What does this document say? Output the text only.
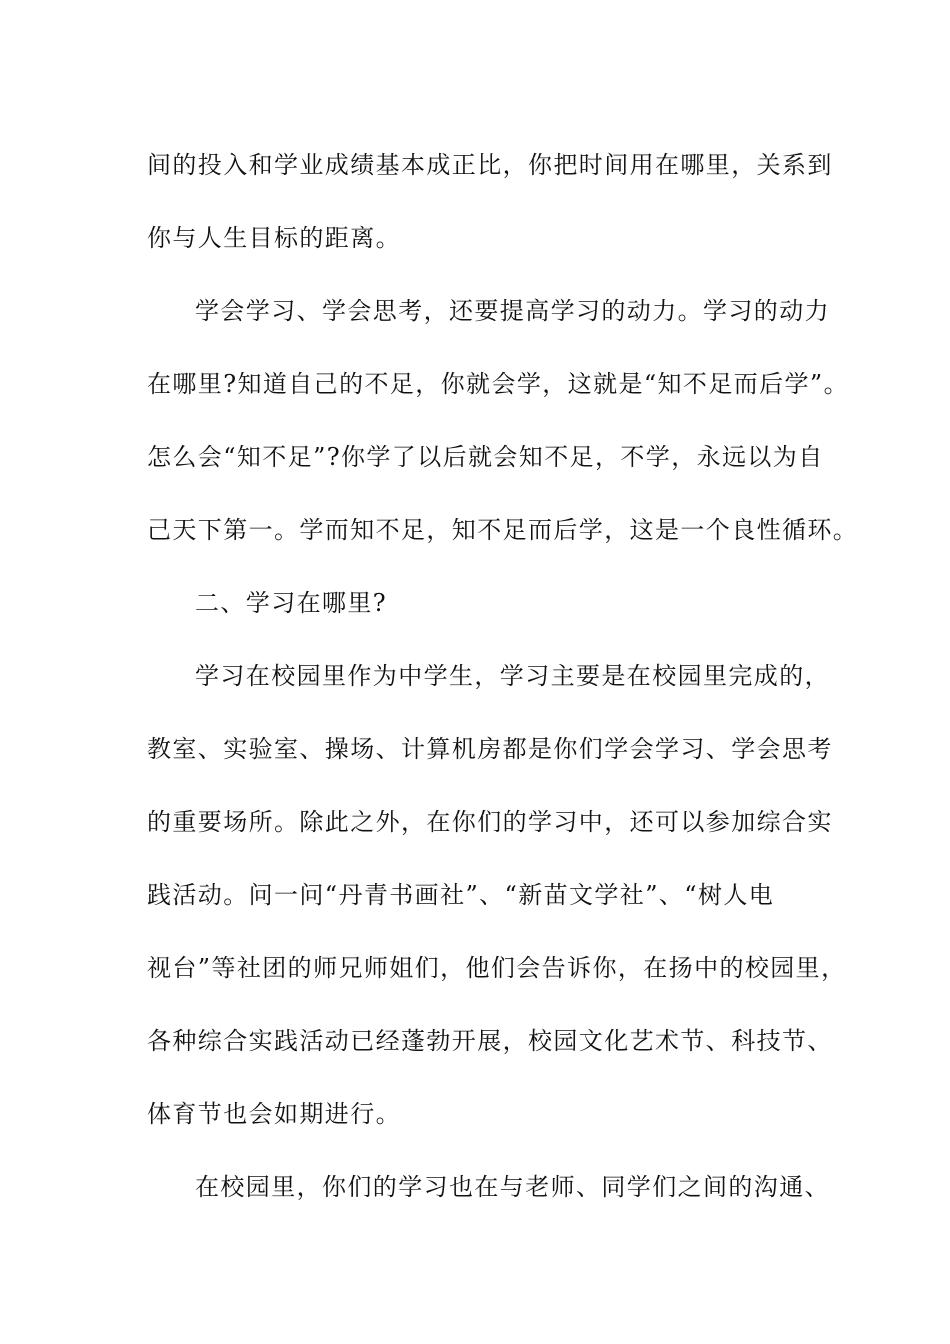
间的投入和学业成绩基本成正比，你把时间用在哪里，关系到
你与人生目标的距离。
学会学习、学会思考，还要提高学习的动力。学习的动力
在哪里?知道自己的不足，你就会学，这就是“知不足而后学”。
怎么会“知不足”?你学了以后就会知不足，不学，永远以为自
己天下第一。学而知不足，知不足而后学，这是一个良性循环。
二、学习在哪里?
学习在校园里作为中学生，学习主要是在校园里完成的，
教室、实验室、操场、计算机房都是你们学会学习、学会思考
的重要场所。除此之外，在你们的学习中，还可以参加综合实
践活动。问一问“丹青书画社”、“新苗文学社”、“树人电
视台”等社团的师兄师姐们，他们会告诉你，在扬中的校园里，
各种综合实践活动已经蓬勃开展，校园文化艺术节、科技节、
体育节也会如期进行。
在校园里，你们的学习也在与老师、同学们之间的沟通、
